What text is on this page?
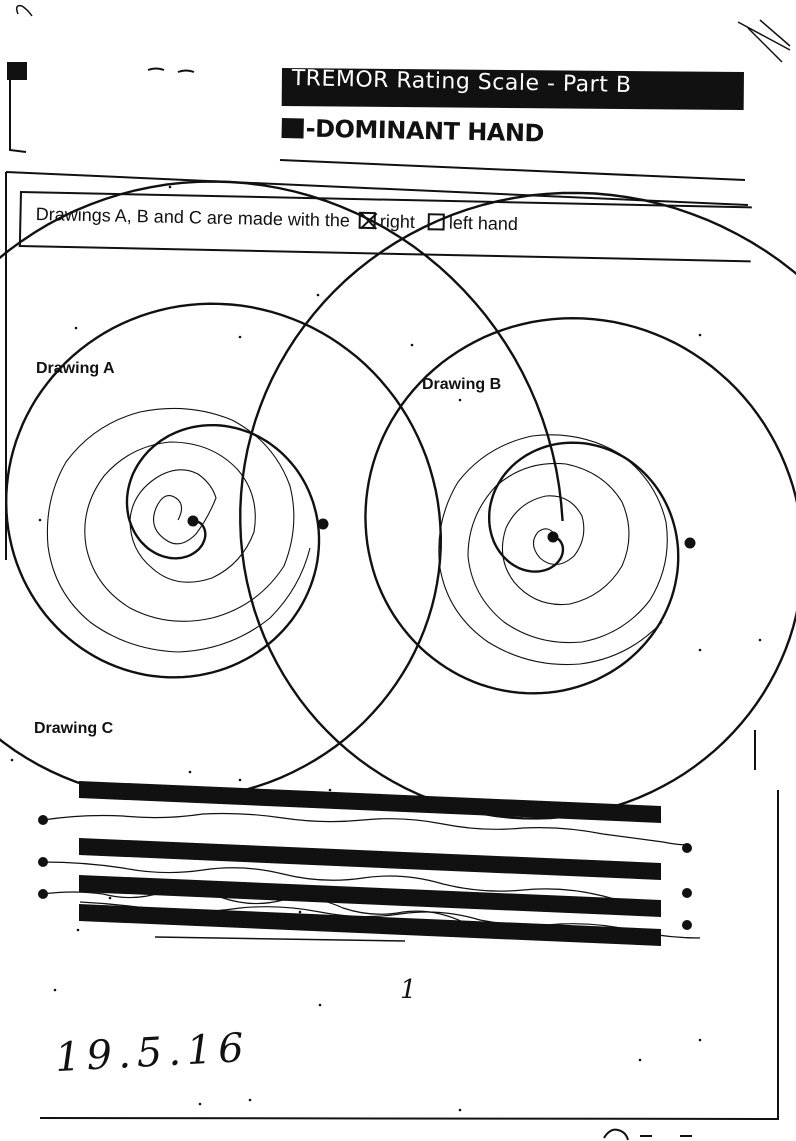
TREMOR Rating Scale - Part B
-DOMINANT HAND
Drawings A, B and C are made with the right left hand
Drawing A
Drawing B
Drawing C
1
19.5.16
